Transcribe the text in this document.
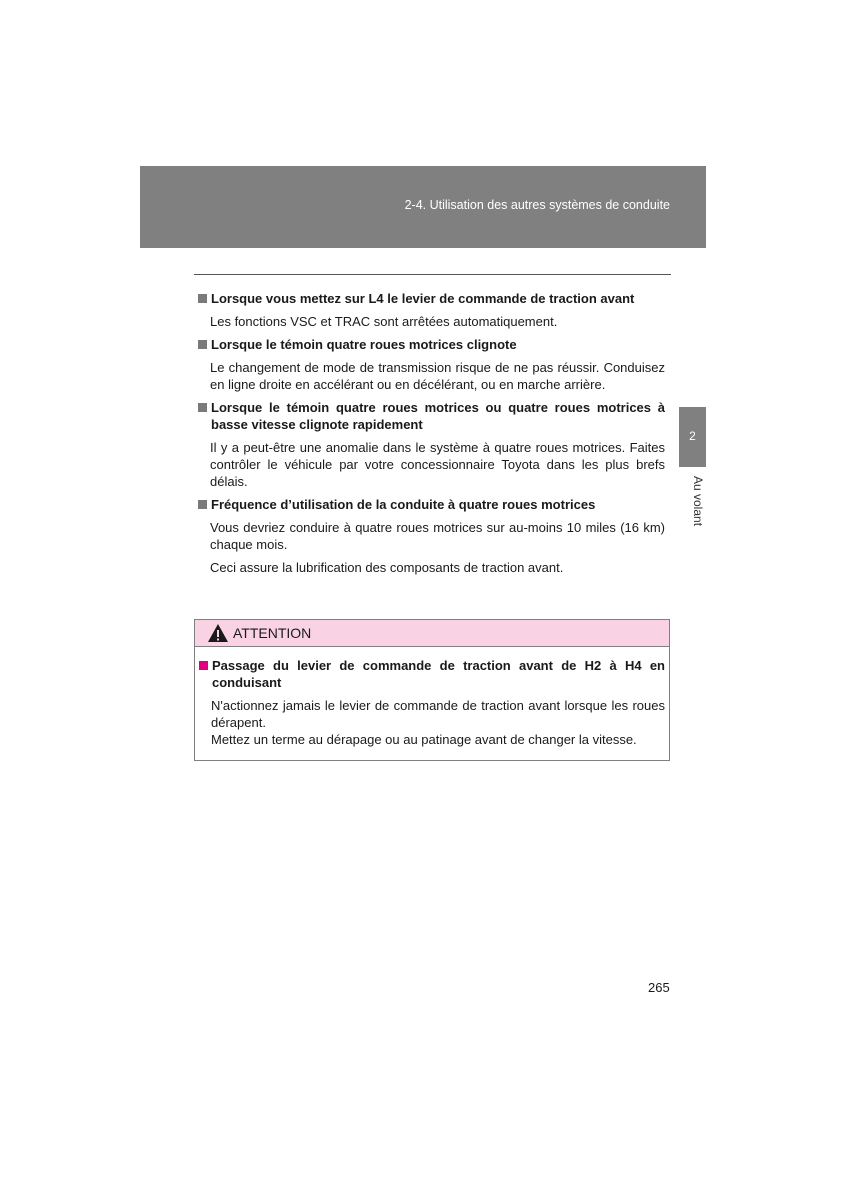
2-4. Utilisation des autres systèmes de conduite
2
Au volant
Lorsque vous mettez sur L4 le levier de commande de traction avant

Les fonctions VSC et TRAC sont arrêtées automatiquement.

Lorsque le témoin quatre roues motrices clignote

Le changement de mode de transmission risque de ne pas réussir. Conduisez en ligne droite en accélérant ou en décélérant, ou en marche arrière.

Lorsque le témoin quatre roues motrices ou quatre roues motrices à basse vitesse clignote rapidement

Il y a peut-être une anomalie dans le système à quatre roues motrices. Faites contrôler le véhicule par votre concessionnaire Toyota dans les plus brefs délais.

Fréquence d’utilisation de la conduite à quatre roues motrices

Vous devriez conduire à quatre roues motrices sur au-moins 10 miles (16 km) chaque mois.

Ceci assure la lubrification des composants de traction avant.

ATTENTION
Passage du levier de commande de traction avant de H2 à H4 en conduisant

N'actionnez jamais le levier de commande de traction avant lorsque les roues dérapent.

Mettez un terme au dérapage ou au patinage avant de changer la vitesse.

265
